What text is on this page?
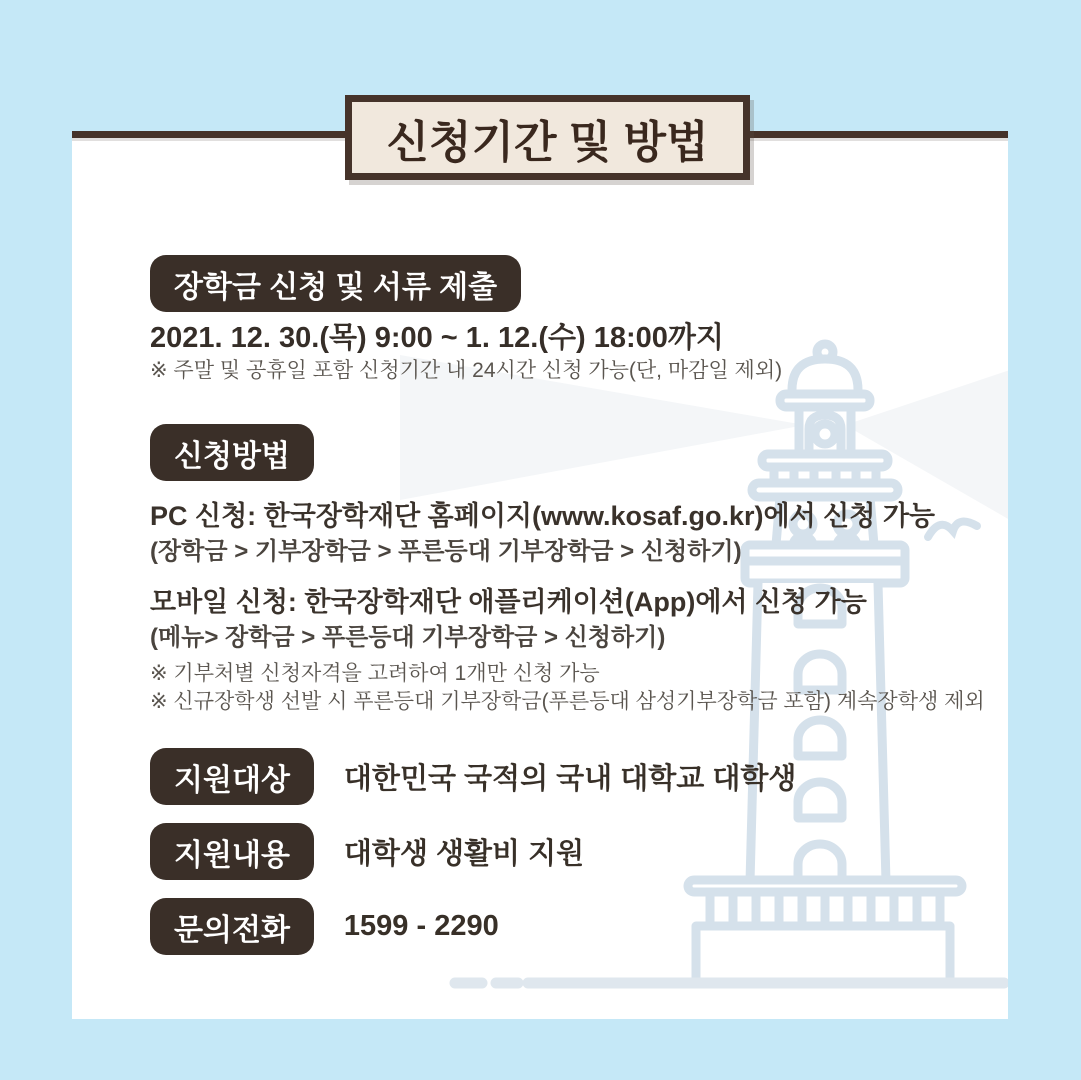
장학금 신청 및 서류 제출
2021. 12. 30.(목) 9:00 ~ 1. 12.(수) 18:00까지
※ 주말 및 공휴일 포함 신청기간 내 24시간 신청 가능(단, 마감일 제외)
신청방법
PC 신청: 한국장학재단 홈페이지(www.kosaf.go.kr)에서 신청 가능
(장학금 > 기부장학금 > 푸른등대 기부장학금 > 신청하기)
모바일 신청: 한국장학재단 애플리케이션(App)에서 신청 가능
(메뉴> 장학금 > 푸른등대 기부장학금 > 신청하기)
※ 기부처별 신청자격을 고려하여 1개만 신청 가능
※ 신규장학생 선발 시 푸른등대 기부장학금(푸른등대 삼성기부장학금 포함) 계속장학생 제외
지원대상	대한민국 국적의 국내 대학교 대학생
지원내용	대학생 생활비 지원
문의전화	1599 - 2290
신청기간 및 방법
